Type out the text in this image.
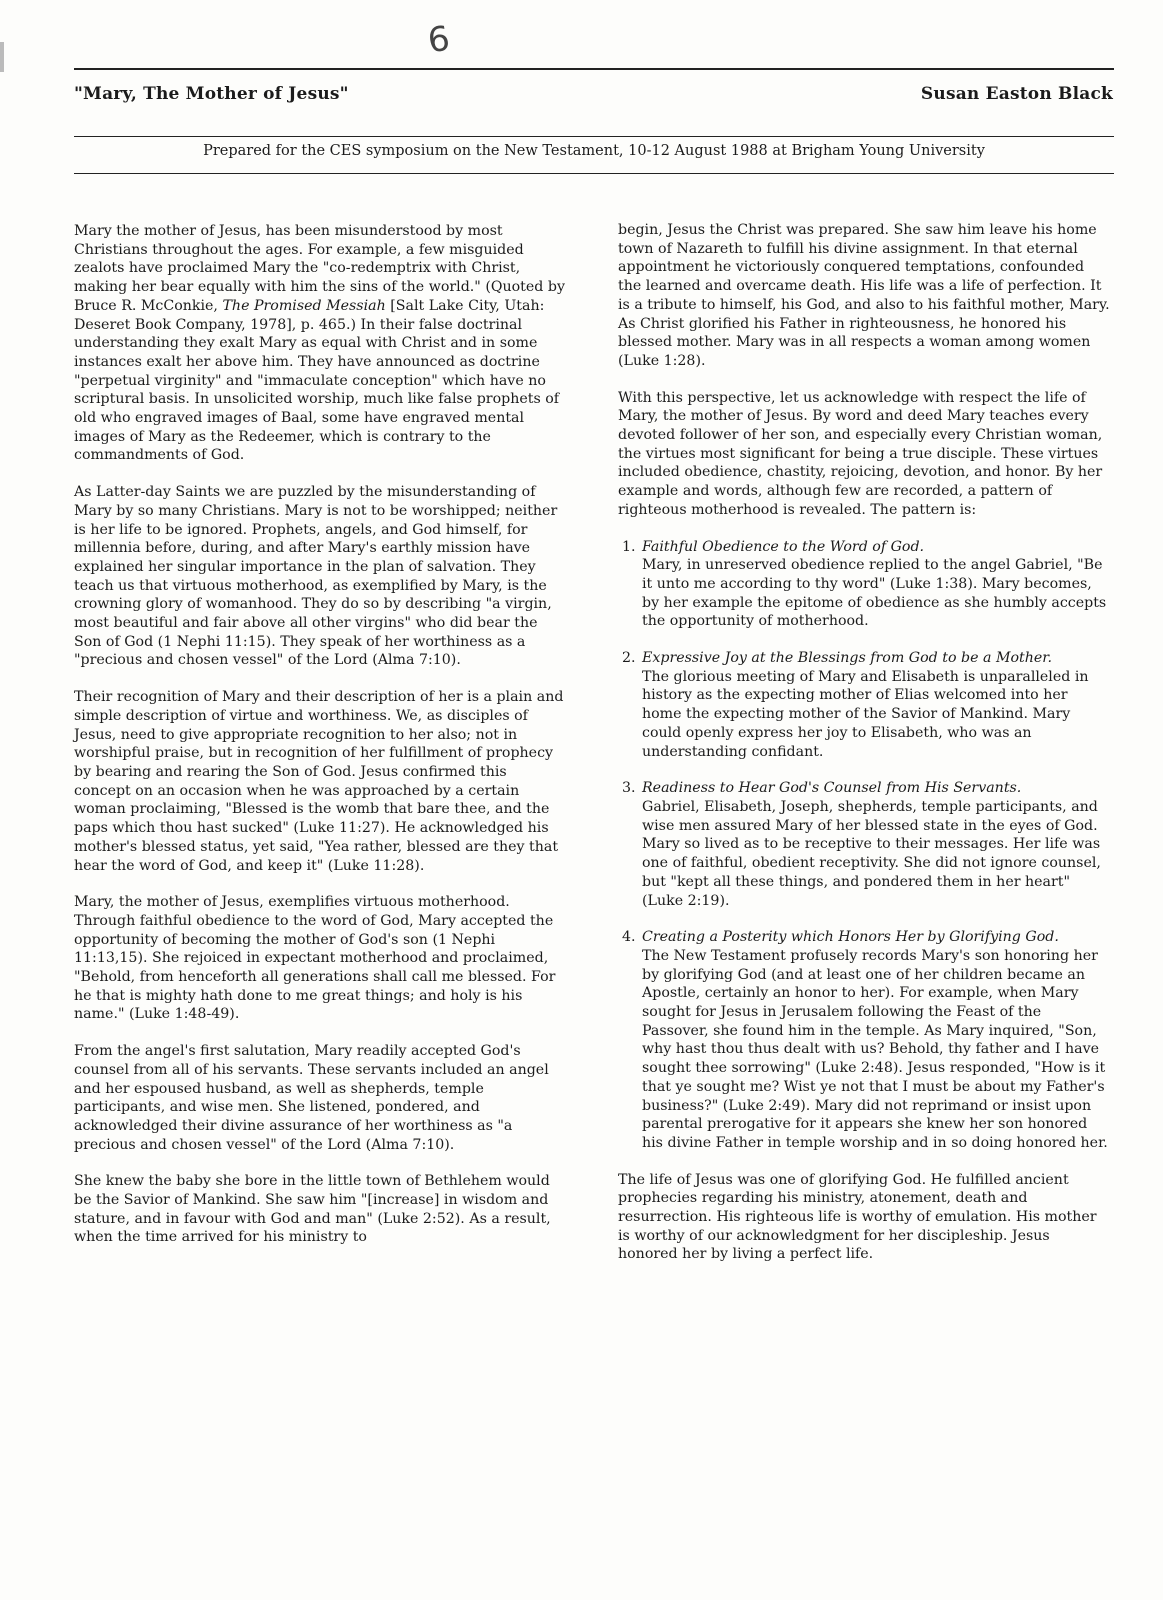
6
"Mary, The Mother of Jesus"	Susan Easton Black
Prepared for the CES symposium on the New Testament, 10-12 August 1988 at Brigham Young University

Mary the mother of Jesus, has been misunderstood by most Christians throughout the ages. For example, a few misguided zealots have proclaimed Mary the "co-redemptrix with Christ, making her bear equally with him the sins of the world." (Quoted by Bruce R. McConkie, The Promised Messiah [Salt Lake City, Utah: Deseret Book Company, 1978], p. 465.) In their false doctrinal understanding they exalt Mary as equal with Christ and in some instances exalt her above him. They have announced as doctrine "perpetual virginity" and "immaculate conception" which have no scriptural basis. In unsolicited worship, much like false prophets of old who engraved images of Baal, some have engraved mental images of Mary as the Redeemer, which is contrary to the commandments of God.

As Latter-day Saints we are puzzled by the misunderstanding of Mary by so many Christians. Mary is not to be worshipped; neither is her life to be ignored. Prophets, angels, and God himself, for millennia before, during, and after Mary's earthly mission have explained her singular importance in the plan of salvation. They teach us that virtuous motherhood, as exemplified by Mary, is the crowning glory of womanhood. They do so by describing "a virgin, most beautiful and fair above all other virgins" who did bear the Son of God (1 Nephi 11:15). They speak of her worthiness as a "precious and chosen vessel" of the Lord (Alma 7:10).

Their recognition of Mary and their description of her is a plain and simple description of virtue and worthiness. We, as disciples of Jesus, need to give appropriate recognition to her also; not in worshipful praise, but in recognition of her fulfillment of prophecy by bearing and rearing the Son of God. Jesus confirmed this concept on an occasion when he was approached by a certain woman proclaiming, "Blessed is the womb that bare thee, and the paps which thou hast sucked" (Luke 11:27). He acknowledged his mother's blessed status, yet said, "Yea rather, blessed are they that hear the word of God, and keep it" (Luke 11:28).

Mary, the mother of Jesus, exemplifies virtuous motherhood. Through faithful obedience to the word of God, Mary accepted the opportunity of becoming the mother of God's son (1 Nephi 11:13,15). She rejoiced in expectant motherhood and proclaimed, "Behold, from henceforth all generations shall call me blessed. For he that is mighty hath done to me great things; and holy is his name." (Luke 1:48-49).

From the angel's first salutation, Mary readily accepted God's counsel from all of his servants. These servants included an angel and her espoused husband, as well as shepherds, temple participants, and wise men. She listened, pondered, and acknowledged their divine assurance of her worthiness as "a precious and chosen vessel" of the Lord (Alma 7:10).

She knew the baby she bore in the little town of Bethlehem would be the Savior of Mankind. She saw him "[increase] in wisdom and stature, and in favour with God and man" (Luke 2:52). As a result, when the time arrived for his ministry to

begin, Jesus the Christ was prepared. She saw him leave his home town of Nazareth to fulfill his divine assignment. In that eternal appointment he victoriously conquered temptations, confounded the learned and overcame death. His life was a life of perfection. It is a tribute to himself, his God, and also to his faithful mother, Mary. As Christ glorified his Father in righteousness, he honored his blessed mother. Mary was in all respects a woman among women (Luke 1:28).

With this perspective, let us acknowledge with respect the life of Mary, the mother of Jesus. By word and deed Mary teaches every devoted follower of her son, and especially every Christian woman, the virtues most significant for being a true disciple. These virtues included obedience, chastity, rejoicing, devotion, and honor. By her example and words, although few are recorded, a pattern of righteous motherhood is revealed. The pattern is:

1. Faithful Obedience to the Word of God.
Mary, in unreserved obedience replied to the angel Gabriel, "Be it unto me according to thy word" (Luke 1:38). Mary becomes, by her example the epitome of obedience as she humbly accepts the opportunity of motherhood.
2. Expressive Joy at the Blessings from God to be a Mother.
The glorious meeting of Mary and Elisabeth is unparalleled in history as the expecting mother of Elias welcomed into her home the expecting mother of the Savior of Mankind. Mary could openly express her joy to Elisabeth, who was an understanding confidant.
3. Readiness to Hear God's Counsel from His Servants.
Gabriel, Elisabeth, Joseph, shepherds, temple participants, and wise men assured Mary of her blessed state in the eyes of God. Mary so lived as to be receptive to their messages. Her life was one of faithful, obedient receptivity. She did not ignore counsel, but "kept all these things, and pondered them in her heart" (Luke 2:19).
4. Creating a Posterity which Honors Her by Glorifying God.
The New Testament profusely records Mary's son honoring her by glorifying God (and at least one of her children became an Apostle, certainly an honor to her). For example, when Mary sought for Jesus in Jerusalem following the Feast of the Passover, she found him in the temple. As Mary inquired, "Son, why hast thou thus dealt with us? Behold, thy father and I have sought thee sorrowing" (Luke 2:48). Jesus responded, "How is it that ye sought me? Wist ye not that I must be about my Father's business?" (Luke 2:49). Mary did not reprimand or insist upon parental prerogative for it appears she knew her son honored his divine Father in temple worship and in so doing honored her.

The life of Jesus was one of glorifying God. He fulfilled ancient prophecies regarding his ministry, atonement, death and resurrection. His righteous life is worthy of emulation. His mother is worthy of our acknowledgment for her discipleship. Jesus honored her by living a perfect life.
